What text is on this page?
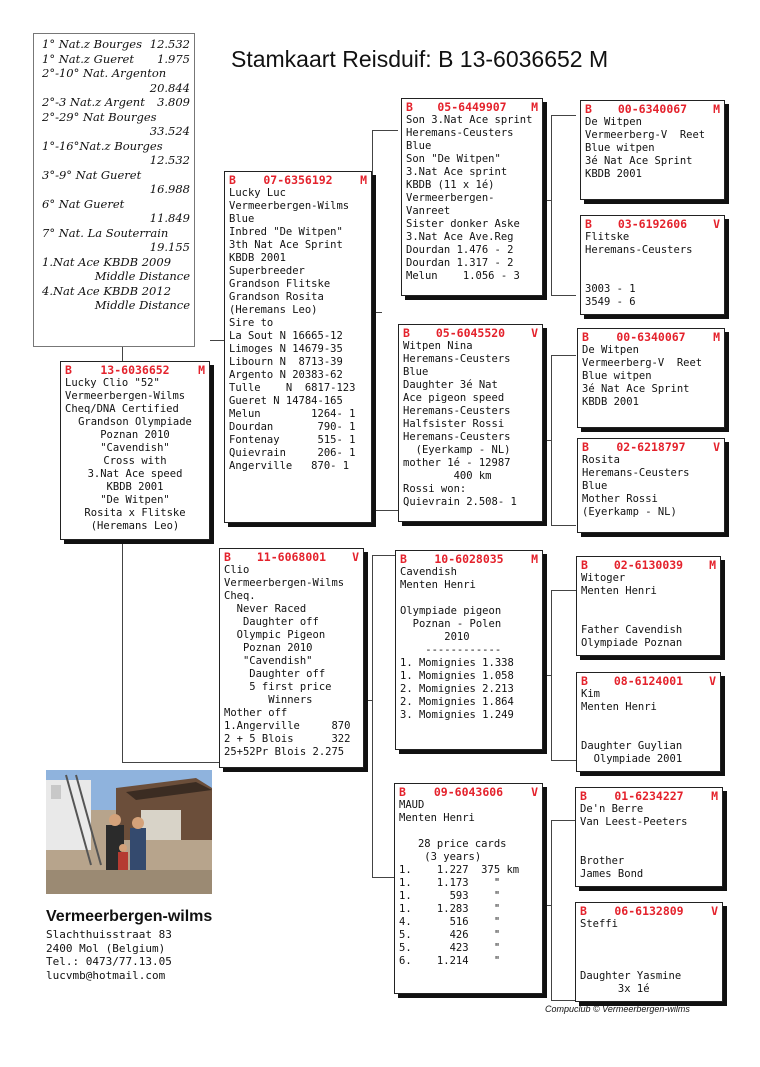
1° Nat.z Bourges 12.532
1° Nat.z Gueret 1.975
2°-10° Nat. Argenton
20.844
2°-3 Nat.z Argent 3.809
2°-29° Nat Bourges
33.524
1°-16°Nat.z Bourges
12.532
3°-9° Nat Gueret
16.988
6° Nat Gueret
11.849
7° Nat. La Souterrain
19.155
1.Nat Ace KBDB 2009
Middle Distance
4.Nat Ace KBDB 2012
Middle Distance
Stamkaart Reisduif: B 13-6036652 M
B 13-6036652 M
Lucky Clio "52"
Vermeerbergen-Wilms
Cheq/DNA Certified
Grandson Olympiade
Poznan 2010
"Cavendish"
Cross with
3.Nat Ace speed
KBDB 2001
"De Witpen"
Rosita x Flitske
(Heremans Leo)
B 07-6356192 M
Lucky Luc
Vermeerbergen-Wilms
Blue
Inbred "De Witpen"
3th Nat Ace Sprint
KBDB 2001
Superbreeder
Grandson Flitske
Grandson Rosita
(Heremans Leo)
Sire to
La Sout N 16665-12
Limoges N 14679-35
Libourn N  8713-39
Argento N 20383-62
Tulle    N  6817-123
Gueret N 14784-165
Melun        1264- 1
Dourdan       790- 1
Fontenay      515- 1
Quievrain     206- 1
Angerville   870- 1
B 11-6068001 V
Clio
Vermeerbergen-Wilms
Cheq.
Never Raced
Daughter off
Olympic Pigeon
Poznan 2010
"Cavendish"
Daughter off
5 first price
Winners
Mother off
1.Angerville     870
2 + 5 Blois      322
25+52Pr Blois 2.275
B 05-6449907 M
Son 3.Nat Ace sprint
Heremans-Ceusters
Blue
Son "De Witpen"
3.Nat Ace sprint
KBDB (11 x 1é)
Vermeerbergen-
Vanreet
Sister donker Aske
3.Nat Ace Ave.Reg
Dourdan 1.476 - 2
Dourdan 1.317 - 2
Melun    1.056 - 3
B 05-6045520 V
Witpen Nina
Heremans-Ceusters
Blue
Daughter 3é Nat
Ace pigeon speed
Heremans-Ceusters
Halfsister Rossi
Heremans-Ceusters
(Eyerkamp - NL)
mother 1é - 12987
400 km
Rossi won:
Quievrain 2.508- 1
B 10-6028035 M
Cavendish
Menten Henri

Olympiade pigeon
Poznan - Polen
2010
------------
1. Momignies 1.338
1. Momignies 1.058
2. Momignies 2.213
2. Momignies 1.864
3. Momignies 1.249
B 09-6043606 V
MAUD
Menten Henri

28 price cards
(3 years)
1.    1.227  375 km
1.    1.173    "
1.      593    "
1.    1.283    "
4.      516    "
5.      426    "
5.      423    "
6.    1.214    "
B 00-6340067 M
De Witpen
Vermeerberg-V  Reet
Blue witpen
3é Nat Ace Sprint
KBDB 2001
B 03-6192606 V
Flitske
Heremans-Ceusters

3003 - 1
3549 - 6
B 00-6340067 M
De Witpen
Vermeerberg-V  Reet
Blue witpen
3é Nat Ace Sprint
KBDB 2001
B 02-6218797 V
Rosita
Heremans-Ceusters
Blue
Mother Rossi
(Eyerkamp - NL)
B 02-6130039 M
Witoger
Menten Henri

Father Cavendish
Olympiade Poznan
B 08-6124001 V
Kim
Menten Henri

Daughter Guylian
Olympiade 2001
B 01-6234227 M
De'n Berre
Van Leest-Peeters

Brother
James Bond
B 06-6132809 V
Steffi

Daughter Yasmine
3x 1é
Vermeerbergen-wilms
Slachthuisstraat 83
2400 Mol (Belgium)
Tel.: 0473/77.13.05
lucvmb@hotmail.com
Compuclub © Vermeerbergen-wilms
